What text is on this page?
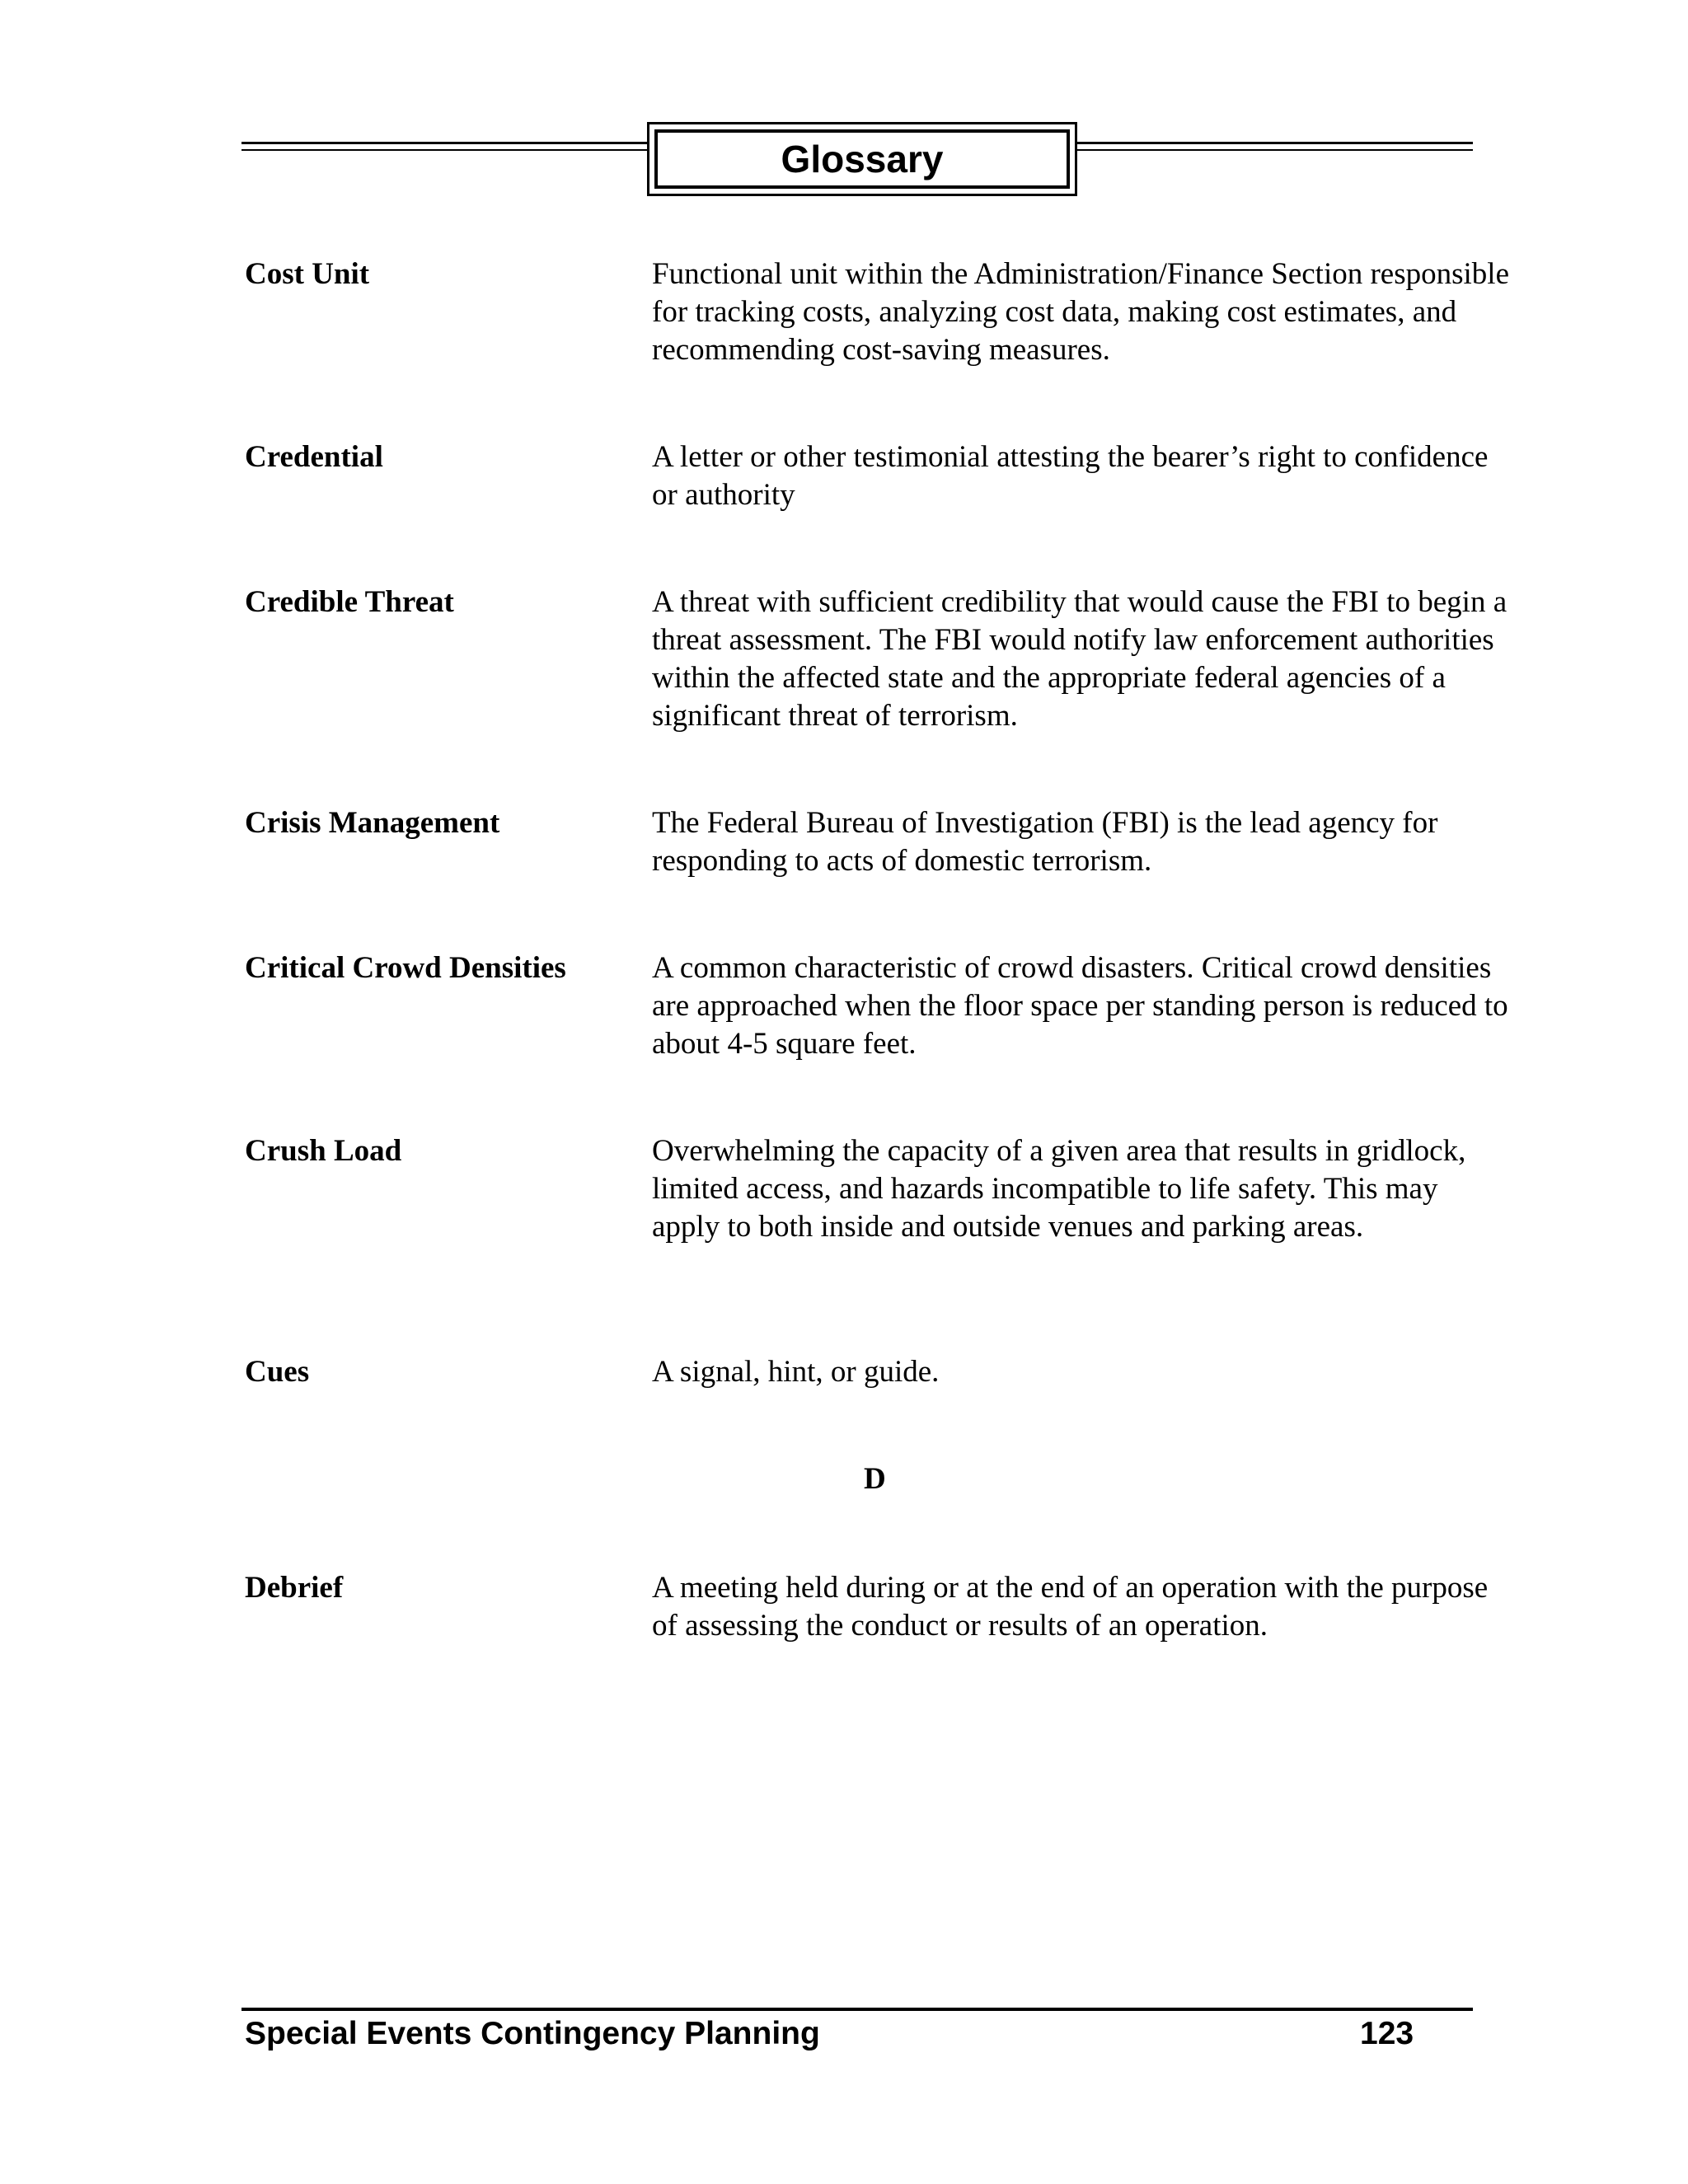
Glossary
Cost Unit	Functional unit within the Administration/Finance Section responsible for tracking costs, analyzing cost data, making cost estimates, and recommending cost-saving measures.

Credential	A letter or other testimonial attesting the bearer’s right to confidence or authority

Credible Threat	A threat with sufficient credibility that would cause the FBI to begin a threat assessment. The FBI would notify law enforcement authorities within the affected state and the appropriate federal agencies of a significant threat of terrorism.

Crisis Management	The Federal Bureau of Investigation (FBI) is the lead agency for responding to acts of domestic terrorism.

Critical Crowd Densities	A common characteristic of crowd disasters. Critical crowd densities are approached when the floor space per standing person is reduced to about 4-5 square feet.

Crush Load	Overwhelming the capacity of a given area that results in gridlock, limited access, and hazards incompatible to life safety. This may apply to both inside and outside venues and parking areas.

Cues	A signal, hint, or guide.

D
Debrief	A meeting held during or at the end of an operation with the purpose of assessing the conduct or results of an operation.

Special Events Contingency Planning	123
